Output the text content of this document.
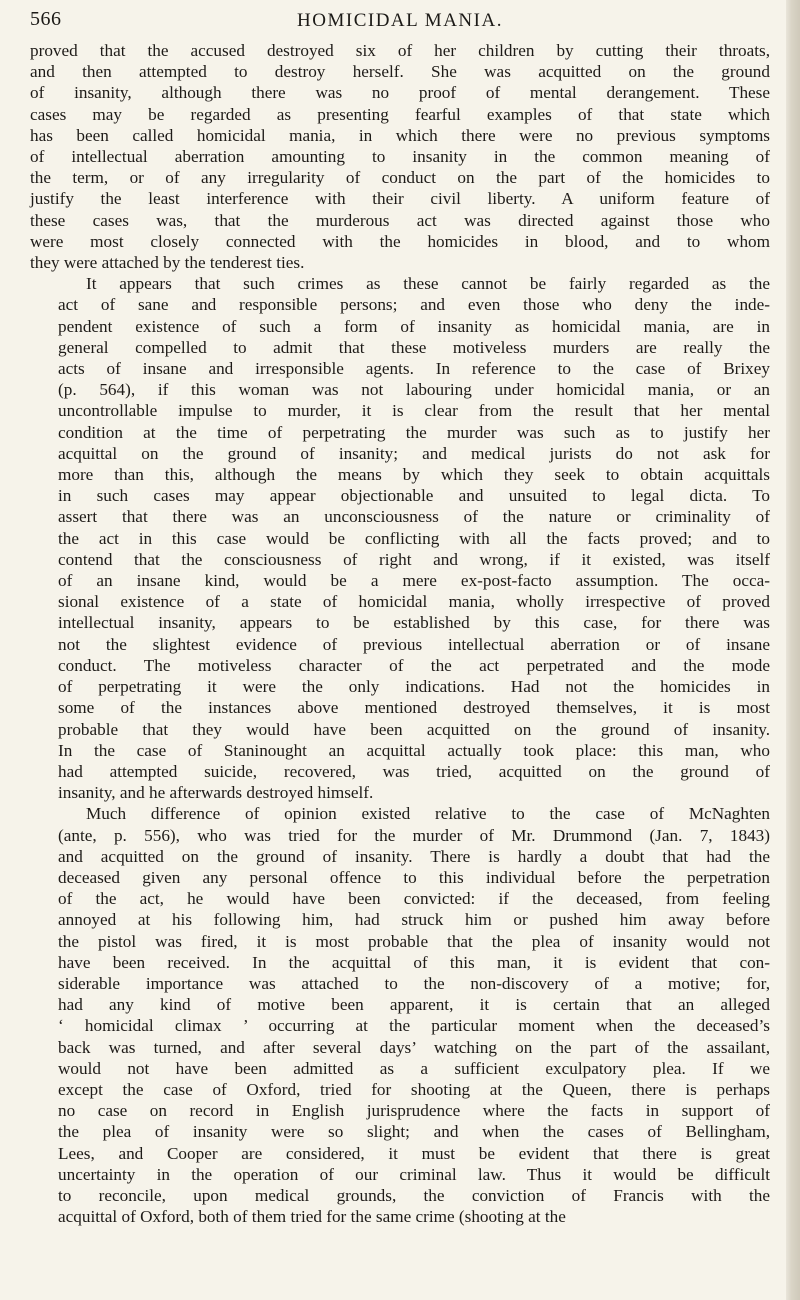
566	HOMICIDAL MANIA.

proved that the accused destroyed six of her children by cutting their throats,
and then attempted to destroy herself. She was acquitted on the ground
of insanity, although there was no proof of mental derangement. These
cases may be regarded as presenting fearful examples of that state which
has been called homicidal mania, in which there were no previous symptoms
of intellectual aberration amounting to insanity in the common meaning of
the term, or of any irregularity of conduct on the part of the homicides to
justify the least interference with their civil liberty. A uniform feature of
these cases was, that the murderous act was directed against those who
were most closely connected with the homicides in blood, and to whom
they were attached by the tenderest ties.

It appears that such crimes as these cannot be fairly regarded as the
act of sane and responsible persons; and even those who deny the inde-
pendent existence of such a form of insanity as homicidal mania, are in
general compelled to admit that these motiveless murders are really the
acts of insane and irresponsible agents. In reference to the case of Brixey
(p. 564), if this woman was not labouring under homicidal mania, or an
uncontrollable impulse to murder, it is clear from the result that her mental
condition at the time of perpetrating the murder was such as to justify her
acquittal on the ground of insanity; and medical jurists do not ask for
more than this, although the means by which they seek to obtain acquittals
in such cases may appear objectionable and unsuited to legal dicta. To
assert that there was an unconsciousness of the nature or criminality of
the act in this case would be conflicting with all the facts proved; and to
contend that the consciousness of right and wrong, if it existed, was itself
of an insane kind, would be a mere ex-post-facto assumption. The occa-
sional existence of a state of homicidal mania, wholly irrespective of proved
intellectual insanity, appears to be established by this case, for there was
not the slightest evidence of previous intellectual aberration or of insane
conduct. The motiveless character of the act perpetrated and the mode
of perpetrating it were the only indications. Had not the homicides in
some of the instances above mentioned destroyed themselves, it is most
probable that they would have been acquitted on the ground of insanity.
In the case of Staninought an acquittal actually took place: this man, who
had attempted suicide, recovered, was tried, acquitted on the ground of
insanity, and he afterwards destroyed himself.

Much difference of opinion existed relative to the case of McNaghten
(ante, p. 556), who was tried for the murder of Mr. Drummond (Jan. 7, 1843)
and acquitted on the ground of insanity. There is hardly a doubt that had the
deceased given any personal offence to this individual before the perpetration
of the act, he would have been convicted: if the deceased, from feeling
annoyed at his following him, had struck him or pushed him away before
the pistol was fired, it is most probable that the plea of insanity would not
have been received. In the acquittal of this man, it is evident that con-
siderable importance was attached to the non-discovery of a motive; for,
had any kind of motive been apparent, it is certain that an alleged
‘ homicidal climax ’ occurring at the particular moment when the deceased’s
back was turned, and after several days’ watching on the part of the assailant,
would not have been admitted as a sufficient exculpatory plea. If we
except the case of Oxford, tried for shooting at the Queen, there is perhaps
no case on record in English jurisprudence where the facts in support of
the plea of insanity were so slight; and when the cases of Bellingham,
Lees, and Cooper are considered, it must be evident that there is great
uncertainty in the operation of our criminal law. Thus it would be difficult
to reconcile, upon medical grounds, the conviction of Francis with the
acquittal of Oxford, both of them tried for the same crime (shooting at the
